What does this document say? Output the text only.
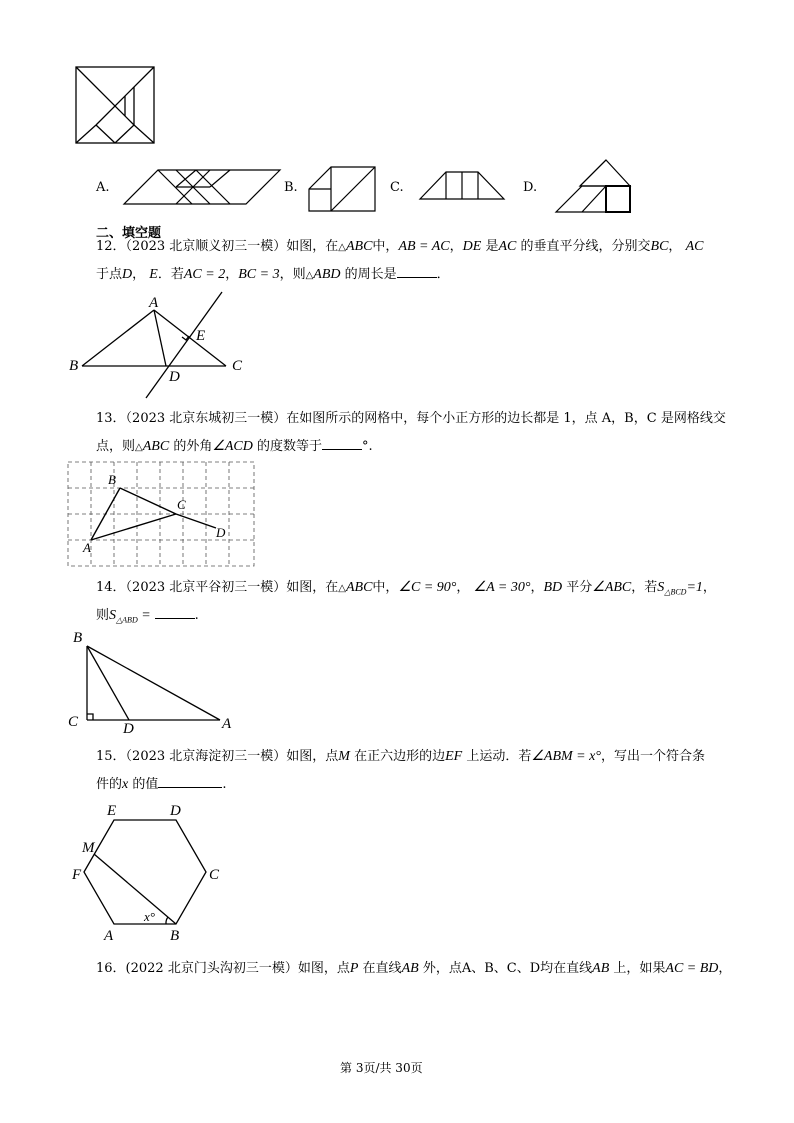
A.	B.	C.	D.
二、填空题
12．（2023 北京顺义初三一模）如图，在△ABC中，AB = AC，DE 是AC 的垂直平分线，分别交BC， AC
于点D， E．若AC = 2，BC = 3，则△ABD 的周长是	．
A
B	C
D
E
13．（2023 北京东城初三一模）在如图所示的网格中，每个小正方形的边长都是 1，点 A，B，C 是网格线交
点，则△ABC 的外角∠ACD 的度数等于	°.
A
B
C
D
14．（2023 北京平谷初三一模）如图，在△ABC中，∠C = 90°， ∠A = 30°，BD 平分∠ABC，若$S_{\triangle BCD}=1$，
则$S_{\triangle ABD}$ =	.
B
C	D	A
15．（2023 北京海淀初三一模）如图，点M 在正六边形的边EF 上运动．若∠ABM = x°，写出一个符合条
件的x 的值	.
E	D
M
F	C
x°
A	B
16．(2022 北京门头沟初三一模）如图，点P 在直线AB 外，点A、B、C、D均在直线AB 上，如果AC = BD，
第 3页/共 30页
